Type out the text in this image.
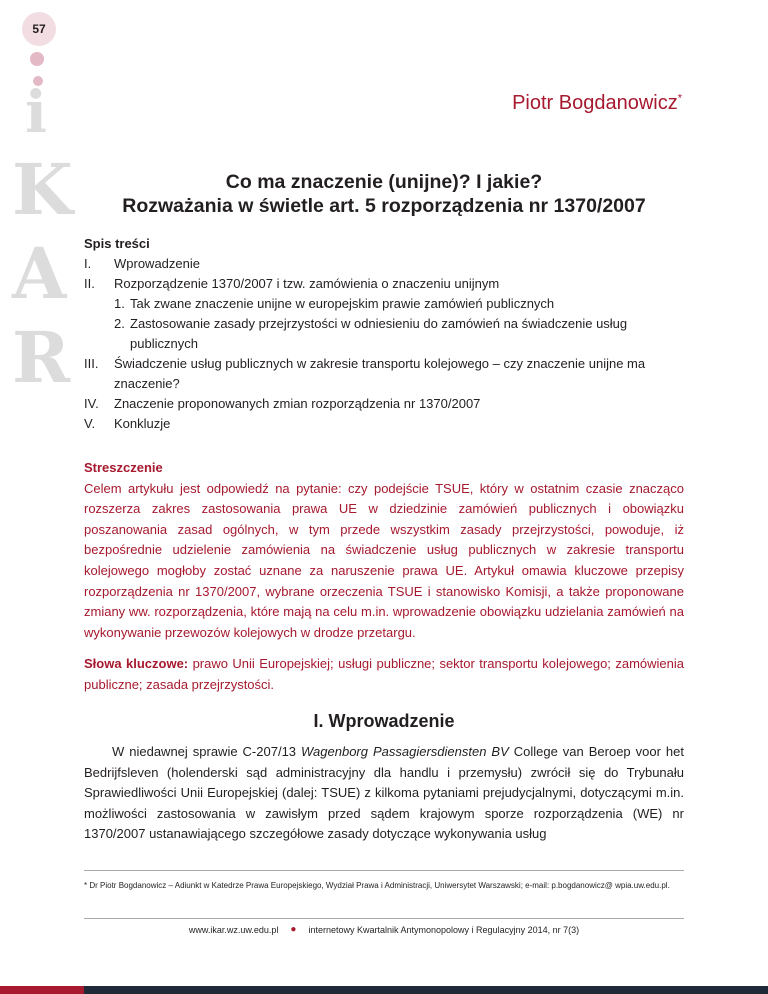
57
i
K
A
R
Piotr Bogdanowicz*
Co ma znaczenie (unijne)? I jakie?
Rozważania w świetle art. 5 rozporządzenia nr 1370/2007
Spis treści
I.	Wprowadzenie
II.	Rozporządzenie 1370/2007 i tzw. zamówienia o znaczeniu unijnym
1. Tak zwane znaczenie unijne w europejskim prawie zamówień publicznych
2. Zastosowanie zasady przejrzystości w odniesieniu do zamówień na świadczenie usług publicznych
III.	Świadczenie usług publicznych w zakresie transportu kolejowego – czy znaczenie unijne ma znaczenie?
IV.	Znaczenie proponowanych zmian rozporządzenia nr 1370/2007
V.	Konkluzje
Streszczenie
Celem artykułu jest odpowiedź na pytanie: czy podejście TSUE, który w ostatnim czasie znacząco rozszerza zakres zastosowania prawa UE w dziedzinie zamówień publicznych i obowiązku poszanowania zasad ogólnych, w tym przede wszystkim zasady przejrzystości, powoduje, iż bezpośrednie udzielenie zamówienia na świadczenie usług publicznych w zakresie transportu kolejowego mogłoby zostać uznane za naruszenie prawa UE. Artykuł omawia kluczowe przepisy rozporządzenia nr 1370/2007, wybrane orzeczenia TSUE i stanowisko Komisji, a także proponowane zmiany ww. rozporządzenia, które mają na celu m.in. wprowadzenie obowiązku udzielania zamówień na wykonywanie przewozów kolejowych w drodze przetargu.
Słowa kluczowe: prawo Unii Europejskiej; usługi publiczne; sektor transportu kolejowego; zamówienia publiczne; zasada przejrzystości.
I. Wprowadzenie
W niedawnej sprawie C-207/13 Wagenborg Passagiersdiensten BV College van Beroep voor het Bedrijfsleven (holenderski sąd administracyjny dla handlu i przemysłu) zwrócił się do Trybunału Sprawiedliwości Unii Europejskiej (dalej: TSUE) z kilkoma pytaniami prejudycjalnymi, dotyczącymi m.in. możliwości zastosowania w zawisłym przed sądem krajowym sporze rozporządzenia (WE) nr 1370/2007 ustanawiającego szczegółowe zasady dotyczące wykonywania usług
* Dr Piotr Bogdanowicz – Adiunkt w Katedrze Prawa Europejskiego, Wydział Prawa i Administracji, Uniwersytet Warszawski; e-mail: p.bogdanowicz@ wpia.uw.edu.pl.
www.ikar.wz.uw.edu.pl ● internetowy Kwartalnik Antymonopolowy i Regulacyjny 2014, nr 7(3)
